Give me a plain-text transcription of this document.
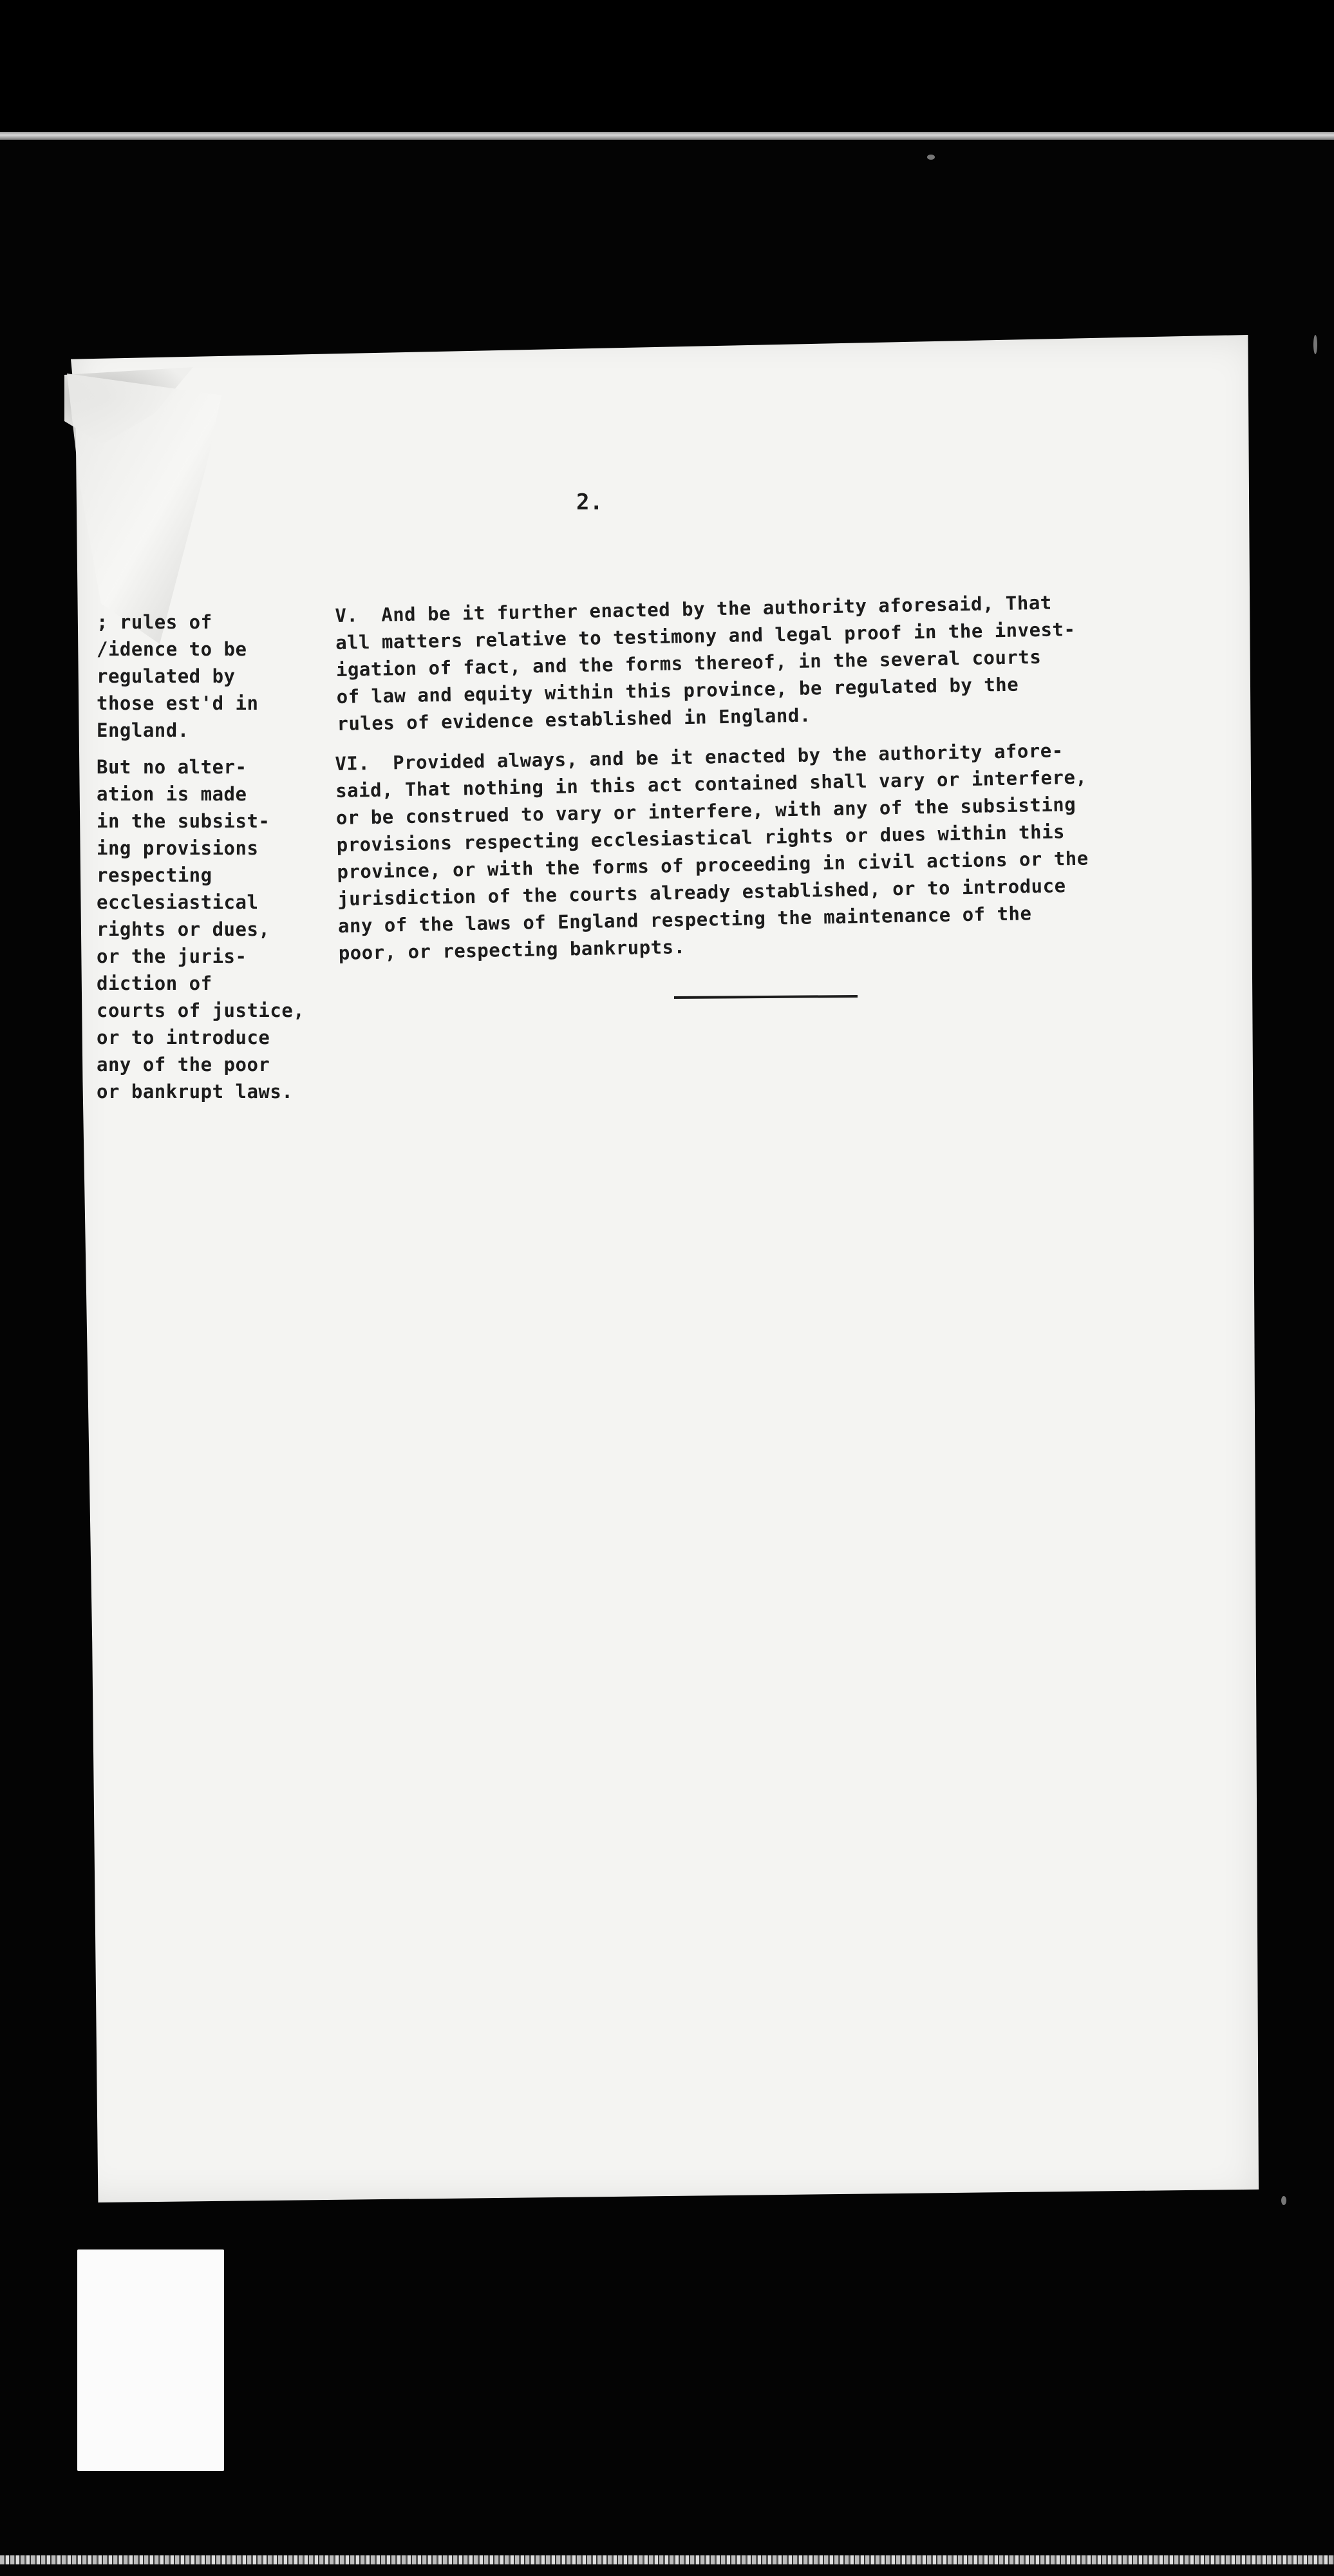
2.
; rules of
/idence to be
regulated by
those est'd in
England.
But no alter-
ation is made
in the subsist-
ing provisions
respecting
ecclesiastical
rights or dues,
or the juris-
diction of
courts of justice,
or to introduce
any of the poor
or bankrupt laws.
V.  And be it further enacted by the authority aforesaid, That
all matters relative to testimony and legal proof in the invest-
igation of fact, and the forms thereof, in the several courts
of law and equity within this province, be regulated by the
rules of evidence established in England.
VI.  Provided always, and be it enacted by the authority afore-
said, That nothing in this act contained shall vary or interfere,
or be construed to vary or interfere, with any of the subsisting
provisions respecting ecclesiastical rights or dues within this
province, or with the forms of proceeding in civil actions or the
jurisdiction of the courts already established, or to introduce
any of the laws of England respecting the maintenance of the
poor, or respecting bankrupts.
